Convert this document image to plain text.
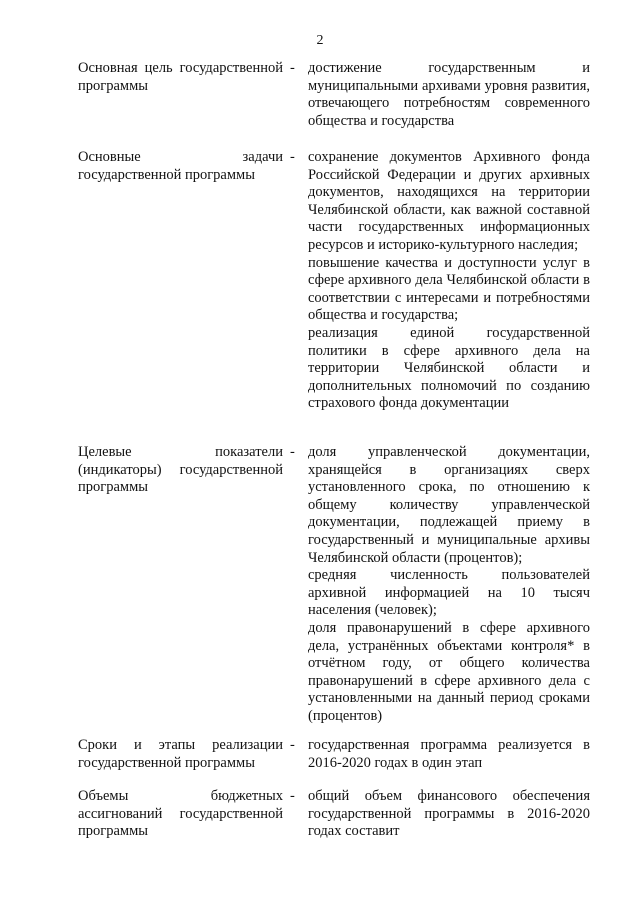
2
Основная цель государственной программы
- достижение государственным и муниципальными архивами уровня развития, отвечающего потребностям современного общества и государства

Основные задачи государственной программы
- сохранение документов Архивного фонда Российской Федерации и других архивных документов, находящихся на территории Челябинской области, как важной составной части государственных информационных ресурсов и историко-культурного наследия;

повышение качества и доступности услуг в сфере архивного дела Челябинской области в соответствии с интересами и потребностями общества и государства;

реализация единой государственной политики в сфере архивного дела на территории Челябинской области и дополнительных полномочий по созданию страхового фонда документации

Целевые показатели (индикаторы) государственной программы
- доля управленческой документации, хранящейся в организациях сверх установленного срока, по отношению к общему количеству управленческой документации, подлежащей приему в государственный и муниципальные архивы Челябинской области (процентов);

средняя численность пользователей архивной информацией на 10 тысяч населения (человек);

доля правонарушений в сфере архивного дела, устранённых объектами контроля* в отчётном году, от общего количества правонарушений в сфере архивного дела с установленными на данный период сроками (процентов)

Сроки и этапы реализации государственной программы
- государственная программа реализуется в 2016-2020 годах в один этап

Объемы бюджетных ассигнований государственной программы
- общий объем финансового обеспечения государственной программы в 2016-2020 годах составит
